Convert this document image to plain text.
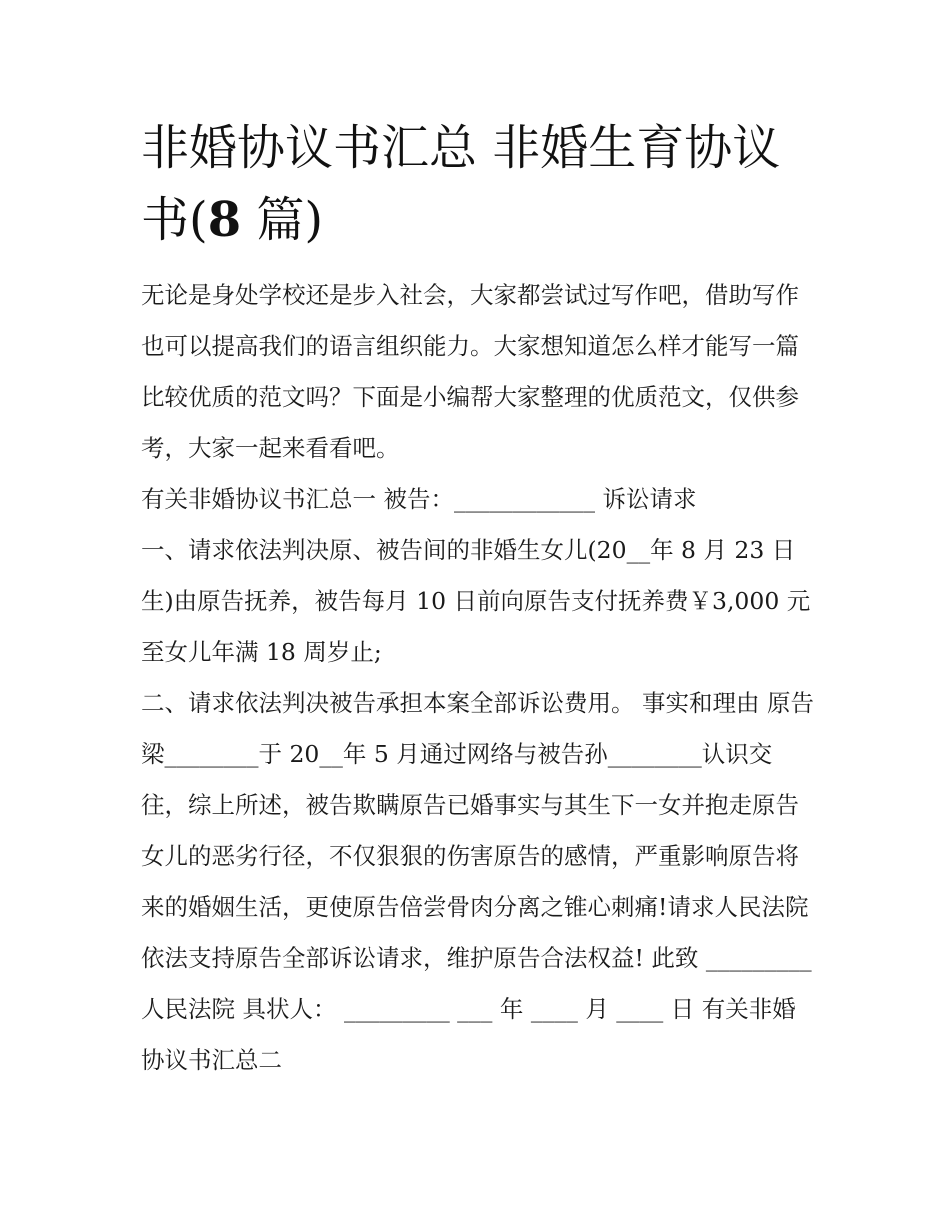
非婚协议书汇总 非婚生育协议书(8 篇)

无论是身处学校还是步入社会，大家都尝试过写作吧，借助写作也可以提高我们的语言组织能力。大家想知道怎么样才能写一篇比较优质的范文吗？下面是小编帮大家整理的优质范文，仅供参考，大家一起来看看吧。

有关非婚协议书汇总一 被告：____________ 诉讼请求

一、请求依法判决原、被告间的非婚生女儿(20__年 8 月 23 日生)由原告抚养，被告每月 10 日前向原告支付抚养费￥3,000 元至女儿年满 18 周岁止;

二、请求依法判决被告承担本案全部诉讼费用。 事实和理由 原告梁________于 20__年 5 月通过网络与被告孙________认识交往，综上所述，被告欺瞒原告已婚事实与其生下一女并抱走原告女儿的恶劣行径，不仅狠狠的伤害原告的感情，严重影响原告将来的婚姻生活，更使原告倍尝骨肉分离之锥心刺痛!请求人民法院依法支持原告全部诉讼请求，维护原告合法权益! 此致 _________人民法院 具状人： _________ ___ 年 ____ 月 ____ 日 有关非婚协议书汇总二
